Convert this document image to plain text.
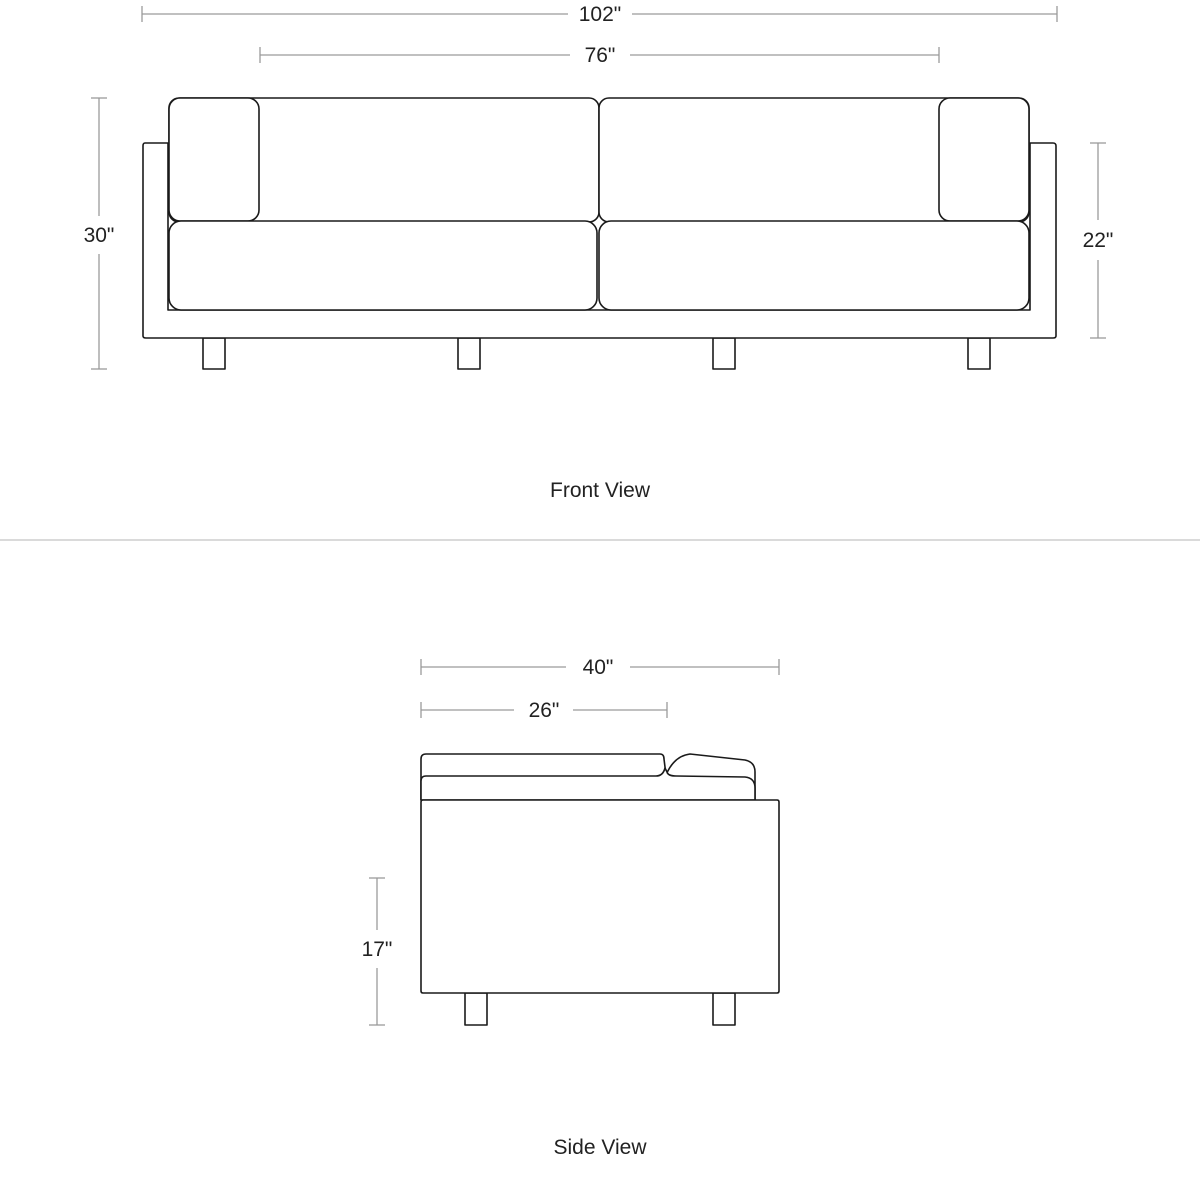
102"
76"
30"	22"
Front View
40"
26"
17"
Side View
